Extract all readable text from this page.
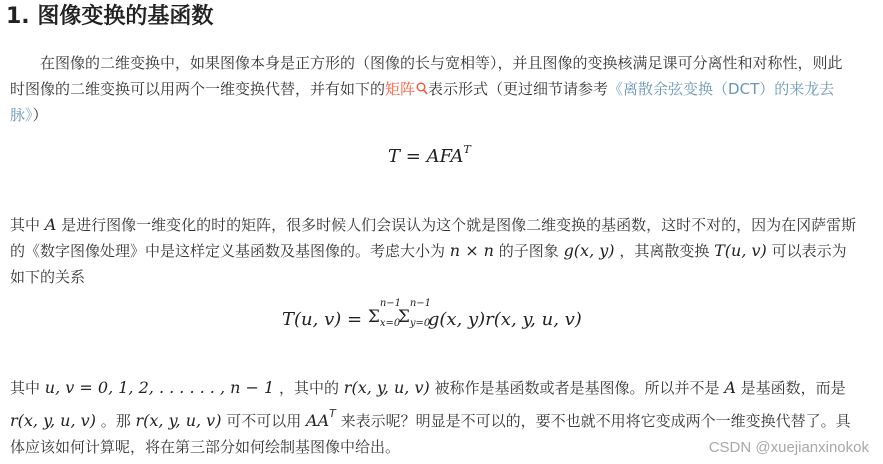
1. 图像变换的基函数

在图像的二维变换中，如果图像本身是正方形的（图像的长与宽相等），并且图像的变换核满足课可分离性和对称性，则此时图像的二维变换可以用两个一维变换代替，并有如下的矩阵 表示形式（更过细节请参考《离散余弦变换（DCT）的来龙去脉》）

$T = AFA^T$

其中 A 是进行图像一维变化的时的矩阵，很多时候人们会误认为这个就是图像二维变换的基函数，这时不对的，因为在冈萨雷斯的《数字图像处理》中是这样定义基函数及基图像的。考虑大小为 n × n 的子图象 g(x, y) ，其离散变换 T(u, v) 可以表示为如下的关系

T(u, v) = Σ
n−1
x=0
Σ
n−1
y=0
g(x, y)r(x, y, u, v)

其中 u, v = 0, 1, 2, . . . . . . , n − 1 ，其中的 r(x, y, u, v) 被称作是基函数或者是基图像。所以并不是 A 是基函数，而是 r(x, y, u, v) 。那 r(x, y, u, v) 可不可以用 $AA^T$ 来表示呢？明显是不可以的，要不也就不用将它变成两个一维变换代替了。具体应该如何计算呢，将在第三部分如何绘制基图像中给出。	CSDN @xuejianxinokok
